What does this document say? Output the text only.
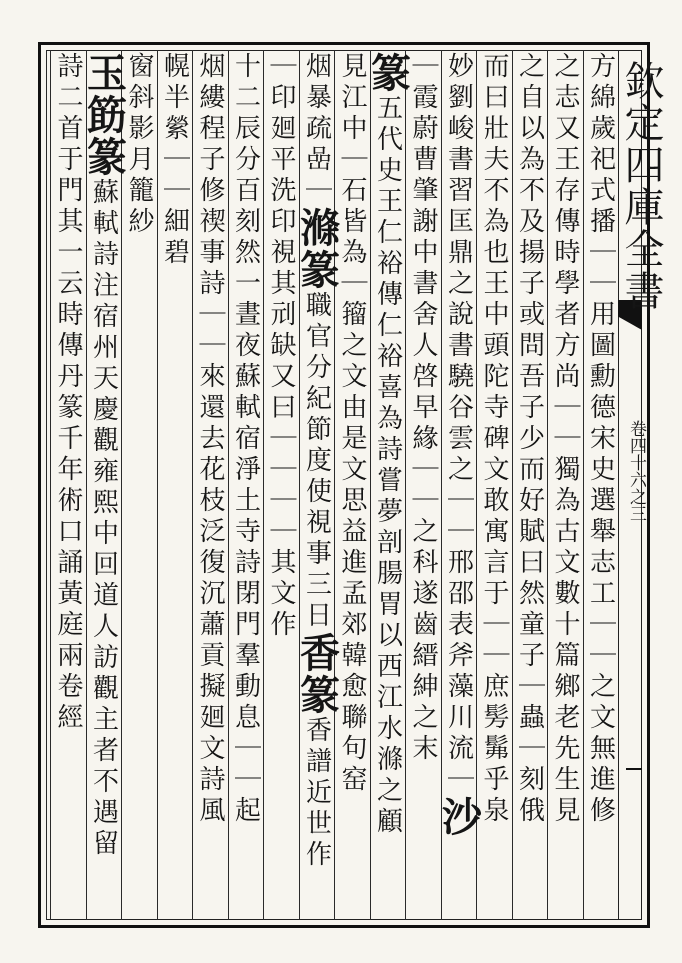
欽定四庫全書
卷四十六之三
方綿歲祀式播｜｜用圖勳德宋史選舉志工｜｜之文無進修
之志又王存傳時學者方尚｜｜獨為古文數十篇鄉老先生見
之自以為不及揚子或問吾子少而好賦曰然童子｜蟲｜刻俄
而曰壯夫不為也王中頭陀寺碑文敢寓言于｜｜庶髣髴乎泉
妙劉峻書習匡鼎之說書驍谷雲之｜｜邢邵表斧藻川流｜沙
｜霞蔚曹肇謝中書舍人啓早緣｜｜之科遂齒縉紳之末
篆五代史王仁裕傳仁裕喜為詩嘗夢剖腸胃以西江水滌之顧
見江中｜石皆為｜籀之文由是文思益進孟郊韓愈聯句窑
烟暴疏嵒｜滌篆職官分紀節度使視事三日香篆香譜近世作
｜印廻平洗印視其刓缺又曰｜｜｜｜其文作
十二辰分百刻然一晝夜蘇軾宿淨土寺詩閉門羣動息｜｜起
烟縷程子修禊事詩｜｜來還去花枝泛復沉蕭貢擬廻文詩風
幌半縈｜｜細碧
窗斜影月籠紗
玉筯篆蘇軾詩注宿州天慶觀雍熙中回道人訪觀主者不遇留
詩二首于門其一云時傳丹篆千年術口誦黃庭兩卷經
